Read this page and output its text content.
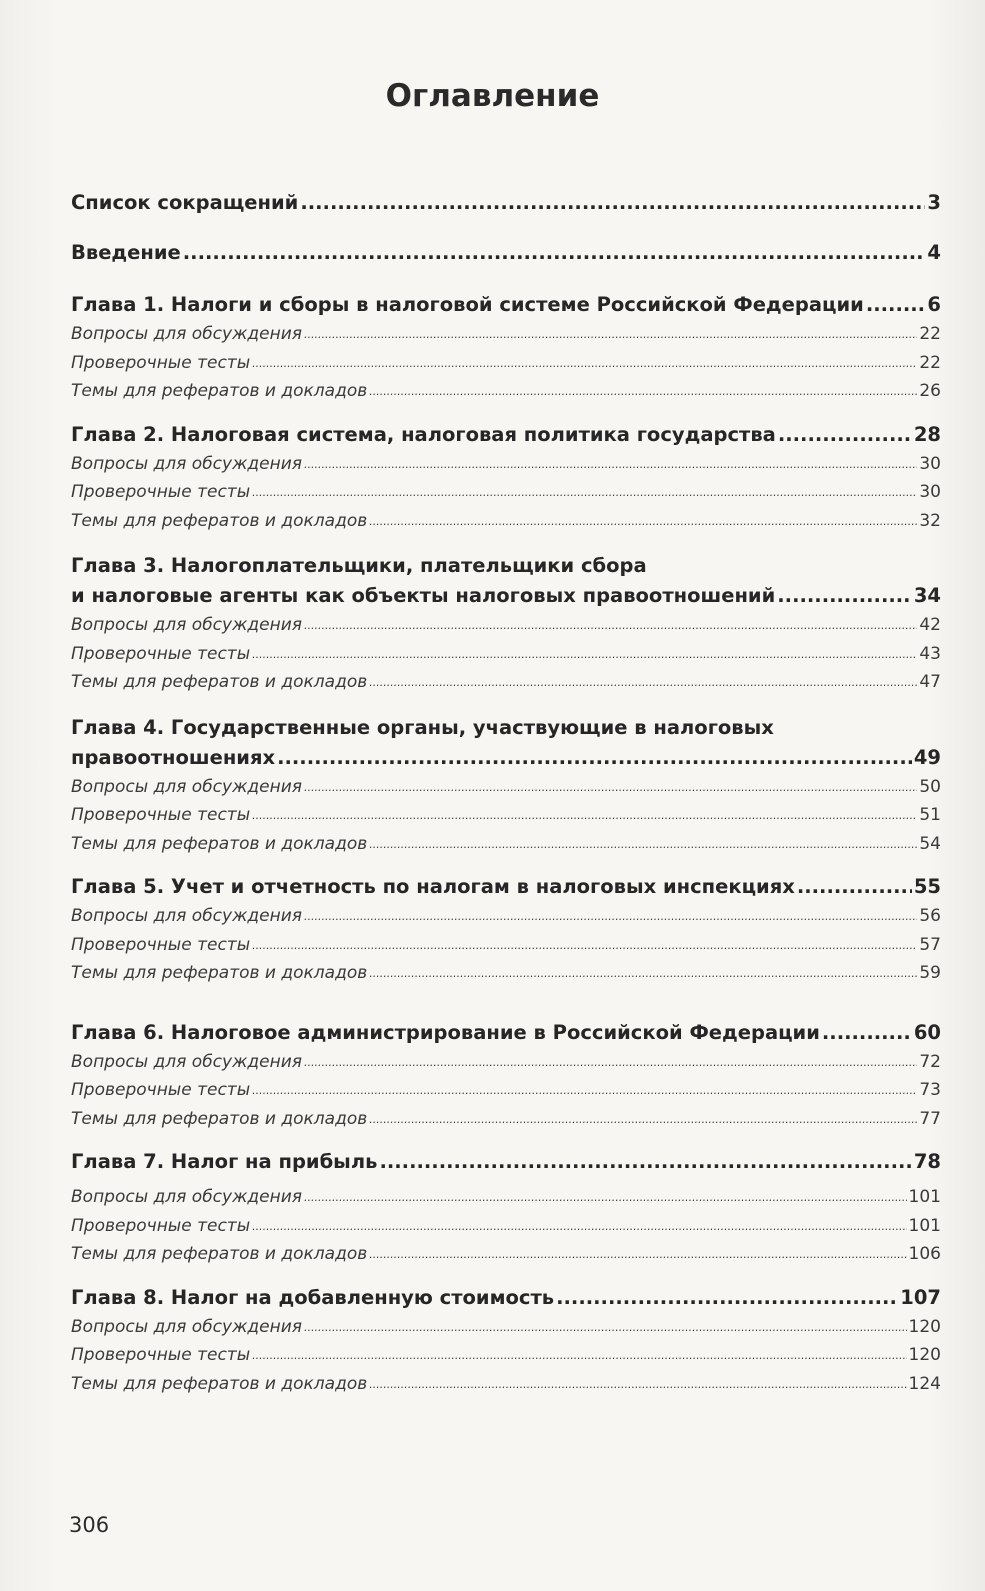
Оглавление
Список сокращений .....	3
Введение .....	4
Глава 1. Налоги и сборы в налоговой системе Российской Федерации .....	6
Вопросы для обсуждения .....	22
Проверочные тесты .....	22
Темы для рефератов и докладов .....	26
Глава 2. Налоговая система, налоговая политика государства .....	28
Вопросы для обсуждения .....	30
Проверочные тесты .....	30
Темы для рефератов и докладов .....	32
Глава 3. Налогоплательщики, плательщики сбора
и налоговые агенты как объекты налоговых правоотношений .....	34
Вопросы для обсуждения .....	42
Проверочные тесты .....	43
Темы для рефератов и докладов .....	47
Глава 4. Государственные органы, участвующие в налоговых
правоотношениях .....	49
Вопросы для обсуждения .....	50
Проверочные тесты .....	51
Темы для рефератов и докладов .....	54
Глава 5. Учет и отчетность по налогам в налоговых инспекциях .....	55
Вопросы для обсуждения .....	56
Проверочные тесты .....	57
Темы для рефератов и докладов .....	59
Глава 6. Налоговое администрирование в Российской Федерации .....	60
Вопросы для обсуждения .....	72
Проверочные тесты .....	73
Темы для рефератов и докладов .....	77
Глава 7. Налог на прибыль .....	78
Вопросы для обсуждения .....	101
Проверочные тесты .....	101
Темы для рефератов и докладов .....	106
Глава 8. Налог на добавленную стоимость .....	107
Вопросы для обсуждения .....	120
Проверочные тесты .....	120
Темы для рефератов и докладов .....	124
306
